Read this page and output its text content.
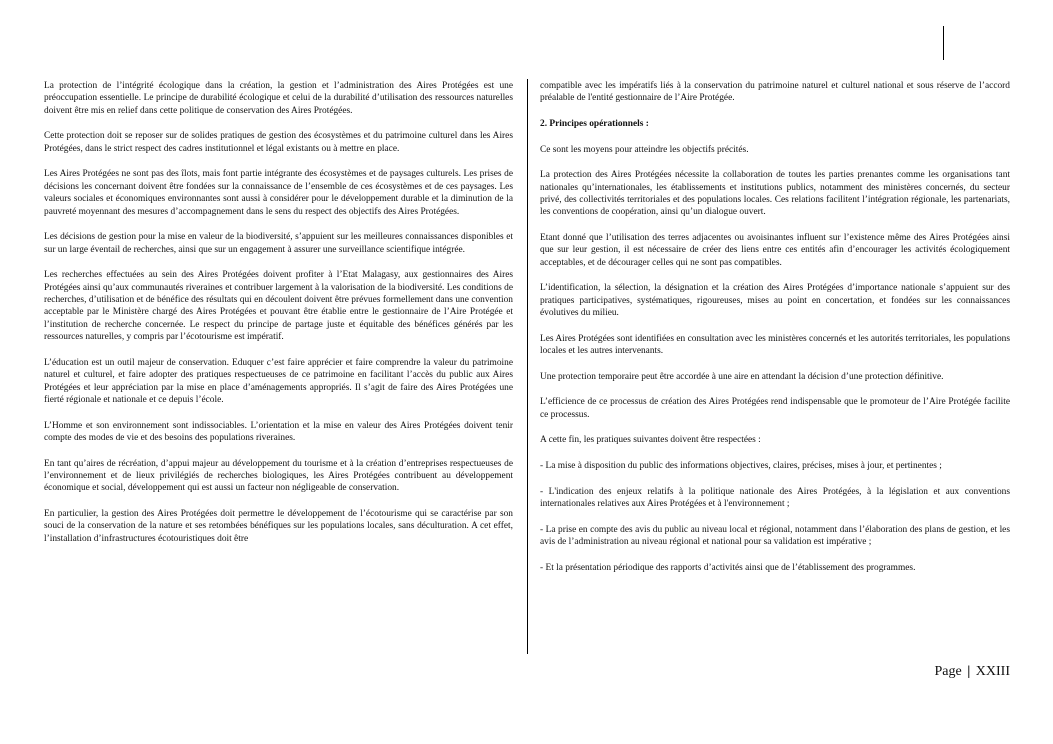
La protection de l’intégrité écologique dans la création, la gestion et l’administration des Aires Protégées est une préoccupation essentielle. Le principe de durabilité écologique et celui de la durabilité d’utilisation des ressources naturelles doivent être mis en relief dans cette politique de conservation des Aires Protégées.

Cette protection doit se reposer sur de solides pratiques de gestion des écosystèmes et du patrimoine culturel dans les Aires Protégées, dans le strict respect des cadres institutionnel et légal existants ou à mettre en place.

Les Aires Protégées ne sont pas des îlots, mais font partie intégrante des écosystèmes et de paysages culturels. Les prises de décisions les concernant doivent être fondées sur la connaissance de l’ensemble de ces écosystèmes et de ces paysages. Les valeurs sociales et économiques environnantes sont aussi à considérer pour le développement durable et la diminution de la pauvreté moyennant des mesures d’accompagnement dans le sens du respect des objectifs des Aires Protégées.

Les décisions de gestion pour la mise en valeur de la biodiversité, s’appuient sur les meilleures connaissances disponibles et sur un large éventail de recherches, ainsi que sur un engagement à assurer une surveillance scientifique intégrée.

Les recherches effectuées au sein des Aires Protégées doivent profiter à l’Etat Malagasy, aux gestionnaires des Aires Protégées ainsi qu’aux communautés riveraines et contribuer largement à la valorisation de la biodiversité. Les conditions de recherches, d’utilisation et de bénéfice des résultats qui en découlent doivent être prévues formellement dans une convention acceptable par le Ministère chargé des Aires Protégées et pouvant être établie entre le gestionnaire de l’Aire Protégée et l’institution de recherche concernée. Le respect du principe de partage juste et équitable des bénéfices générés par les ressources naturelles, y compris par l’écotourisme est impératif.

L’éducation est un outil majeur de conservation. Eduquer c’est faire apprécier et faire comprendre la valeur du patrimoine naturel et culturel, et faire adopter des pratiques respectueuses de ce patrimoine en facilitant l’accès du public aux Aires Protégées et leur appréciation par la mise en place d’aménagements appropriés. Il s’agit de faire des Aires Protégées une fierté régionale et nationale et ce depuis l’école.

L’Homme et son environnement sont indissociables. L’orientation et la mise en valeur des Aires Protégées doivent tenir compte des modes de vie et des besoins des populations riveraines.

En tant qu’aires de récréation, d’appui majeur au développement du tourisme et à la création d’entreprises respectueuses de l’environnement et de lieux privilégiés de recherches biologiques, les Aires Protégées contribuent au développement économique et social, développement qui est aussi un facteur non négligeable de conservation.

En particulier, la gestion des Aires Protégées doit permettre le développement de l’écotourisme qui se caractérise par son souci de la conservation de la nature et ses retombées bénéfiques sur les populations locales, sans déculturation. A cet effet, l’installation d’infrastructures écotouristiques doit être

compatible avec les impératifs liés à la conservation du patrimoine naturel et culturel national et sous réserve de l’accord préalable de l'entité gestionnaire de l’Aire Protégée.

2. Principes opérationnels :

Ce sont les moyens pour atteindre les objectifs précités.

La protection des Aires Protégées nécessite la collaboration de toutes les parties prenantes comme les organisations tant nationales qu’internationales, les établissements et institutions publics, notamment des ministères concernés, du secteur privé, des collectivités territoriales et des populations locales. Ces relations facilitent l’intégration régionale, les partenariats, les conventions de coopération, ainsi qu’un dialogue ouvert.

Etant donné que l’utilisation des terres adjacentes ou avoisinantes influent sur l’existence même des Aires Protégées ainsi que sur leur gestion, il est nécessaire de créer des liens entre ces entités afin d’encourager les activités écologiquement acceptables, et de décourager celles qui ne sont pas compatibles.

L’identification, la sélection, la désignation et la création des Aires Protégées d’importance nationale s’appuient sur des pratiques participatives, systématiques, rigoureuses, mises au point en concertation, et fondées sur les connaissances évolutives du milieu.

Les Aires Protégées sont identifiées en consultation avec les ministères concernés et les autorités territoriales, les populations locales et les autres intervenants.

Une protection temporaire peut être accordée à une aire en attendant la décision d’une protection définitive.

L’efficience de ce processus de création des Aires Protégées rend indispensable que le promoteur de l’Aire Protégée facilite ce processus.

A cette fin, les pratiques suivantes doivent être respectées :

- La mise à disposition du public des informations objectives, claires, précises, mises à jour, et pertinentes ;

- L'indication des enjeux relatifs à la politique nationale des Aires Protégées, à la législation et aux conventions internationales relatives aux Aires Protégées et à l'environnement ;

- La prise en compte des avis du public au niveau local et régional, notamment dans l’élaboration des plans de gestion, et les avis de l’administration au niveau régional et national pour sa validation est impérative ;

- Et la présentation périodique des rapports d’activités ainsi que de l’établissement des programmes.

Page | XXIII
